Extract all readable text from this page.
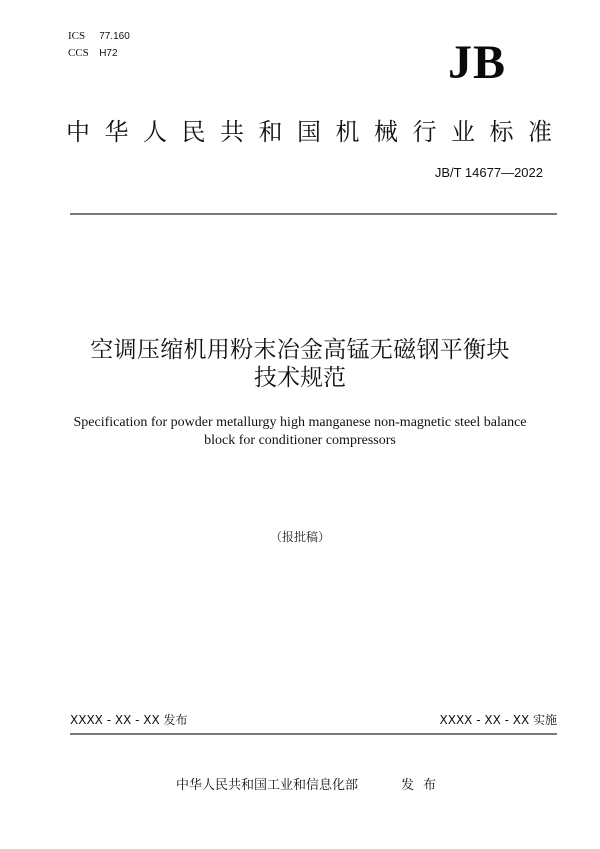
ICS 77.160
CCS H72	JB
中华人民共和国机械行业标准
JB/T 14677—2022
空调压缩机用粉末冶金高锰无磁钢平衡块
技术规范
Specification for powder metallurgy high manganese non-magnetic steel balance
block for conditioner compressors
（报批稿）
XXXX - XX - XX 发布	XXXX - XX - XX 实施
中华人民共和国工业和信息化部	发布
